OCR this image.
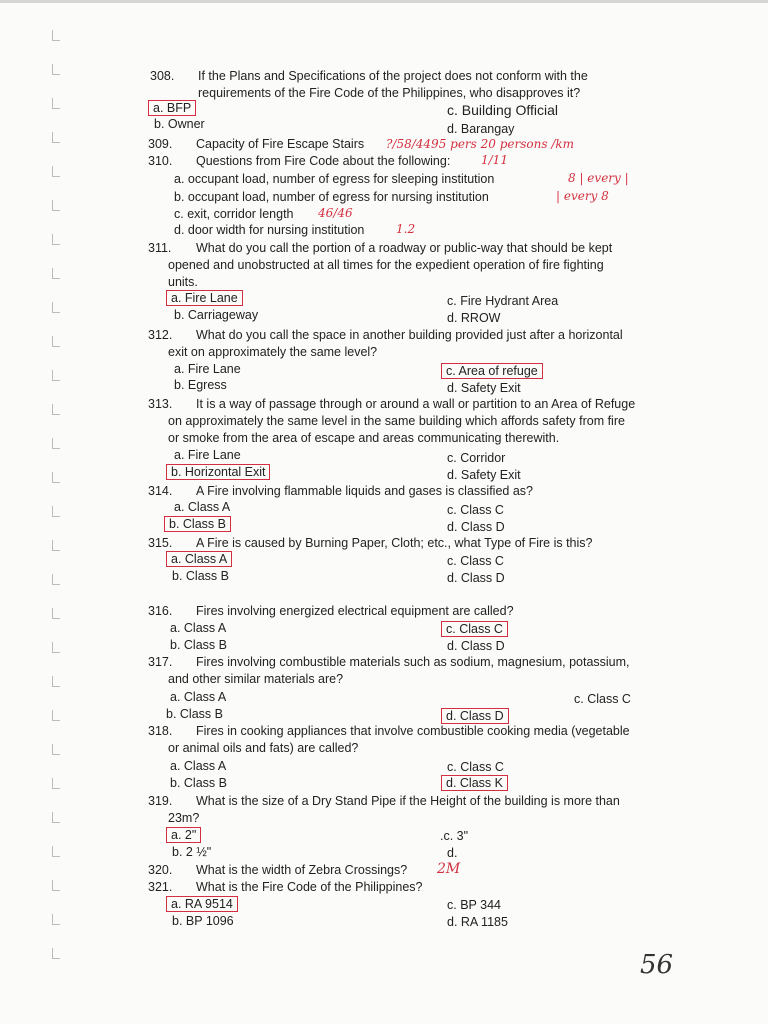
308. If the Plans and Specifications of the project does not conform with the
requirements of the Fire Code of the Philippines, who disapproves it?
a. BFP
b. Owner
c. Building Official
d. Barangay
309. Capacity of Fire Escape Stairs ?/58/4495 pers 20 persons /km
310. Questions from Fire Code about the following:	1/11
a. occupant load, number of egress for sleeping institution	8 | every |
b. occupant load, number of egress for nursing institution	| every 8
c. exit, corridor length 46/46
d. door width for nursing institution	1.2
311. What do you call the portion of a roadway or public-way that should be kept
opened and unobstructed at all times for the expedient operation of fire fighting
units.
a. Fire Lane
b. Carriageway
c. Fire Hydrant Area
d. RROW
312. What do you call the space in another building provided just after a horizontal
exit on approximately the same level?
a. Fire Lane
b. Egress
c. Area of refuge
d. Safety Exit
313. It is a way of passage through or around a wall or partition to an Area of Refuge
on approximately the same level in the same building which affords safety from fire
or smoke from the area of escape and areas communicating therewith.
a. Fire Lane
b. Horizontal Exit
c. Corridor
d. Safety Exit
314. A Fire involving flammable liquids and gases is classified as?
a. Class A
b. Class B
c. Class C
d. Class D
315. A Fire is caused by Burning Paper, Cloth; etc., what Type of Fire is this?
a. Class A
b. Class B
c. Class C
d. Class D
316. Fires involving energized electrical equipment are called?
a. Class A
b. Class B
c. Class C
d. Class D
317. Fires involving combustible materials such as sodium, magnesium, potassium,
and other similar materials are?
a. Class A
b. Class B
c. Class C
d. Class D
318. Fires in cooking appliances that involve combustible cooking media (vegetable
or animal oils and fats) are called?
a. Class A
b. Class B
c. Class C
d. Class K
319. What is the size of a Dry Stand Pipe if the Height of the building is more than
23m?
a. 2"
b. 2 ½"
.c. 3"
d.
320. What is the width of Zebra Crossings? 2M
321. What is the Fire Code of the Philippines?
a. RA 9514
b. BP 1096
c. BP 344
d. RA 1185
56
